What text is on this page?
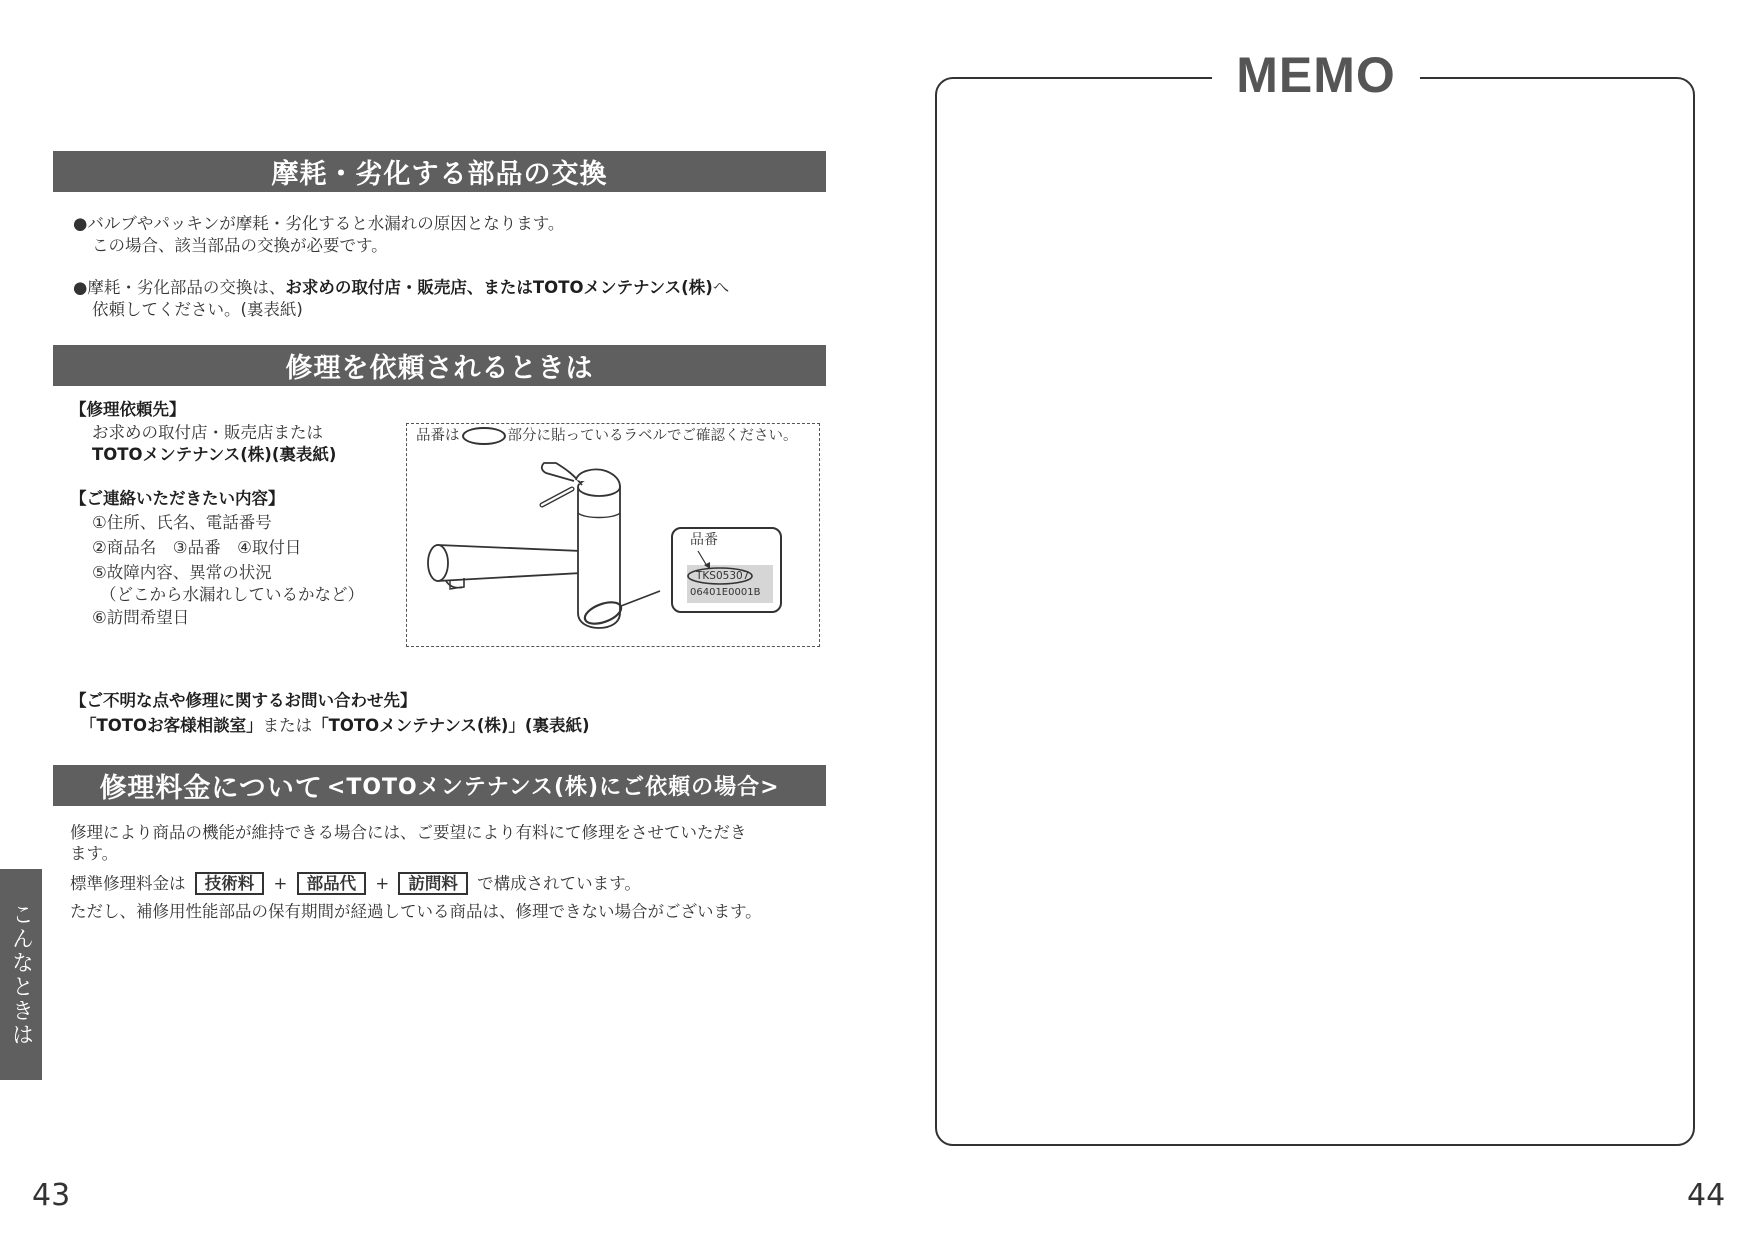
摩耗・劣化する部品の交換
●バルブやパッキンが摩耗・劣化すると水漏れの原因となります。
この場合、該当部品の交換が必要です。
●摩耗・劣化部品の交換は、お求めの取付店・販売店、またはTOTOメンテナンス(株)へ
依頼してください。(裏表紙)
修理を依頼されるときは
【修理依頼先】
お求めの取付店・販売店または
TOTOメンテナンス(株)(裏表紙)
【ご連絡いただきたい内容】
①住所、氏名、電話番号
②商品名　③品番　④取付日
⑤故障内容、異常の状況
（どこから水漏れしているかなど）
⑥訪問希望日
品番は	部分に貼っているラベルでご確認ください。
品番
TKS05307
06401E0001B
【ご不明な点や修理に関するお問い合わせ先】
「TOTOお客様相談室」または「TOTOメンテナンス(株)」(裏表紙)
修理料金について <TOTOメンテナンス(株)にご依頼の場合>
修理により商品の機能が維持できる場合には、ご要望により有料にて修理をさせていただき
ます。
標準修理料金は 技術料 + 部品代 + 訪問料 で構成されています。
ただし、補修用性能部品の保有期間が経過している商品は、修理できない場合がございます。
こんなときは
43	44
MEMO
